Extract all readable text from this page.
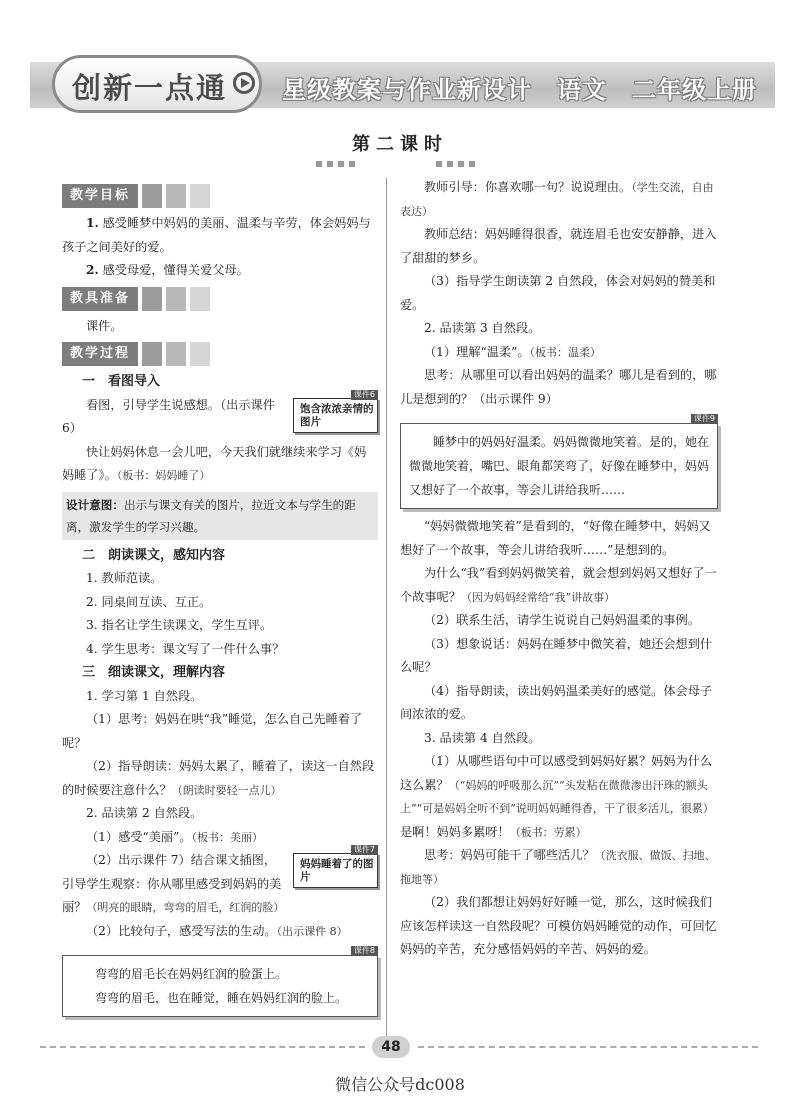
创新一点通 星级教案与作业新设计　语文　二年级上册
第二课时
教学目标

1. 感受睡梦中妈妈的美丽、温柔与辛劳，体会妈妈与孩子之间美好的爱。

2. 感受母爱，懂得关爱父母。

教具准备

课件。

教学过程

一　看图导入

课件6
饱含浓浓亲情的图片

看图，引导学生说感想。（出示课件 6）

快让妈妈休息一会儿吧，今天我们就继续来学习《妈妈睡了》。（板书：妈妈睡了）

设计意图：出示与课文有关的图片，拉近文本与学生的距离，激发学生的学习兴趣。

二　朗读课文，感知内容

1. 教师范读。

2. 同桌间互读、互正。

3. 指名让学生读课文，学生互评。

4. 学生思考：课文写了一件什么事？

三　细读课文，理解内容

1. 学习第 1 自然段。

（1）思考：妈妈在哄“我”睡觉，怎么自己先睡着了呢？

（2）指导朗读：妈妈太累了，睡着了，读这一自然段的时候要注意什么？（朗读时要轻一点儿）

2. 品读第 2 自然段。

（1）感受“美丽”。（板书：美丽）

课件7
妈妈睡着了的图片

（2）出示课件 7）结合课文插图，引导学生观察：你从哪里感受到妈妈的美丽？（明亮的眼睛，弯弯的眉毛，红润的脸）

（2）比较句子，感受写法的生动。（出示课件 8）

课件8

弯弯的眉毛长在妈妈红润的脸蛋上。

弯弯的眉毛，也在睡觉，睡在妈妈红润的脸上。

教师引导：你喜欢哪一句？说说理由。（学生交流，自由表达）

教师总结：妈妈睡得很香，就连眉毛也安安静静，进入了甜甜的梦乡。

（3）指导学生朗读第 2 自然段，体会对妈妈的赞美和爱。

2. 品读第 3 自然段。

（1）理解“温柔”。（板书：温柔）

思考：从哪里可以看出妈妈的温柔？哪儿是看到的，哪儿是想到的？（出示课件 9）

课件9

睡梦中的妈妈好温柔。妈妈微微地笑着。是的，她在微微地笑着，嘴巴、眼角都笑弯了，好像在睡梦中，妈妈又想好了一个故事，等会儿讲给我听……

“妈妈微微地笑着”是看到的，“好像在睡梦中，妈妈又想好了一个故事，等会儿讲给我听……”是想到的。

为什么“我”看到妈妈微笑着，就会想到妈妈又想好了一个故事呢？（因为妈妈经常给“我”讲故事）

（2）联系生活，请学生说说自己妈妈温柔的事例。

（3）想象说话：妈妈在睡梦中微笑着，她还会想到什么呢？

（4）指导朗读，读出妈妈温柔美好的感觉。体会母子间浓浓的爱。

3. 品读第 4 自然段。

（1）从哪些语句中可以感受到妈妈好累？妈妈为什么这么累？（“妈妈的呼吸那么沉”“头发粘在微微渗出汗珠的额头上”“可是妈妈全听不到”说明妈妈睡得香，干了很多活儿，很累）是啊！妈妈多累呀！（板书：劳累）

思考：妈妈可能干了哪些活儿？（洗衣服、做饭、扫地、拖地等）

（2）我们都想让妈妈好好睡一觉，那么，这时候我们应该怎样读这一自然段呢？可模仿妈妈睡觉的动作，可回忆妈妈的辛苦，充分感悟妈妈的辛苦、妈妈的爱。

48
微信公众号dc008
